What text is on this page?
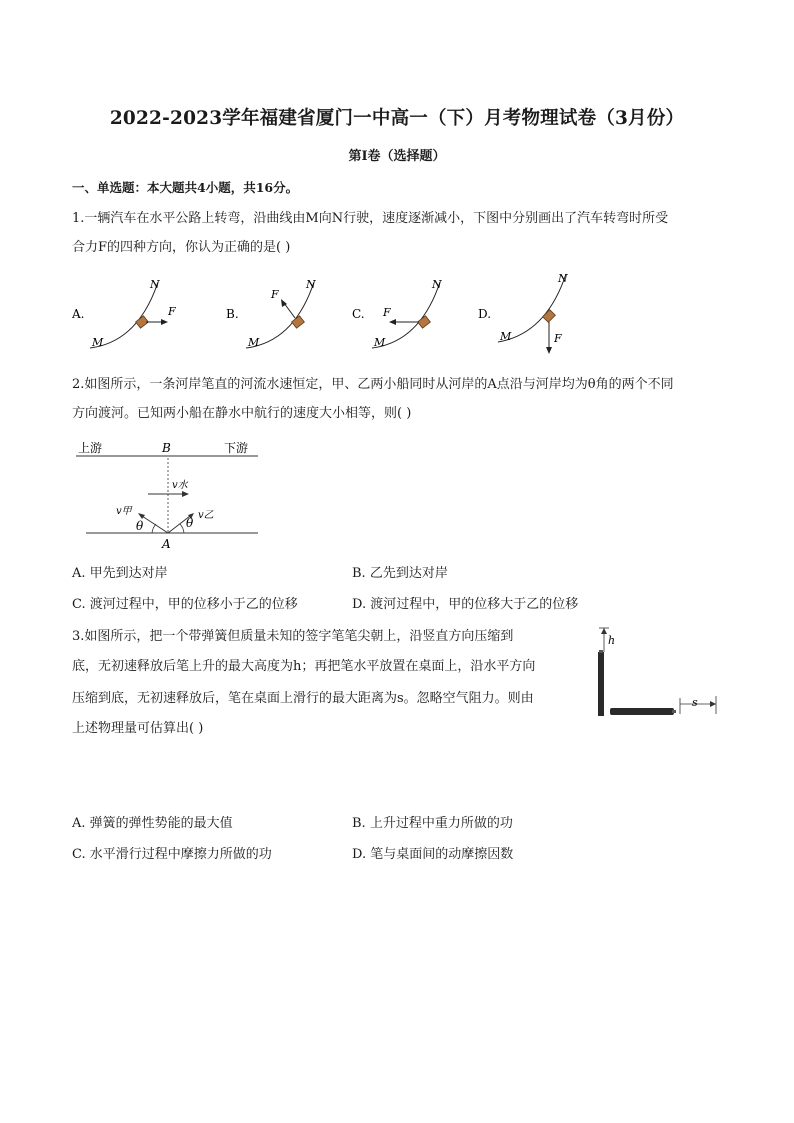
2022-2023学年福建省厦门一中高一（下）月考物理试卷（3月份）
第Ⅰ卷（选择题）
一、单选题：本大题共4小题，共16分。
1.一辆汽车在水平公路上转弯，沿曲线由M向N行驶，速度逐渐减小，下图中分别画出了汽车转弯时所受
合力F的四种方向，你认为正确的是( )
A.	F
N
M
B.
F
N
M
C. F
N
M
D.
F
N
M
2.如图所示，一条河岸笔直的河流水速恒定，甲、乙两小船同时从河岸的A点沿与河岸均为θ角的两个不同
方向渡河。已知两小船在静水中航行的速度大小相等，则( )
上游	下游
B
v水
v甲	v乙
θ	θ
A
A. 甲先到达对岸	B. 乙先到达对岸
C. 渡河过程中，甲的位移小于乙的位移	D. 渡河过程中，甲的位移大于乙的位移
3.如图所示，把一个带弹簧但质量未知的签字笔笔尖朝上，沿竖直方向压缩到
底，无初速释放后笔上升的最大高度为h；再把笔水平放置在桌面上，沿水平方向
压缩到底，无初速释放后，笔在桌面上滑行的最大距离为s。忽略空气阻力。则由
上述物理量可估算出( )
h
s
A. 弹簧的弹性势能的最大值	B. 上升过程中重力所做的功
C. 水平滑行过程中摩擦力所做的功	D. 笔与桌面间的动摩擦因数
